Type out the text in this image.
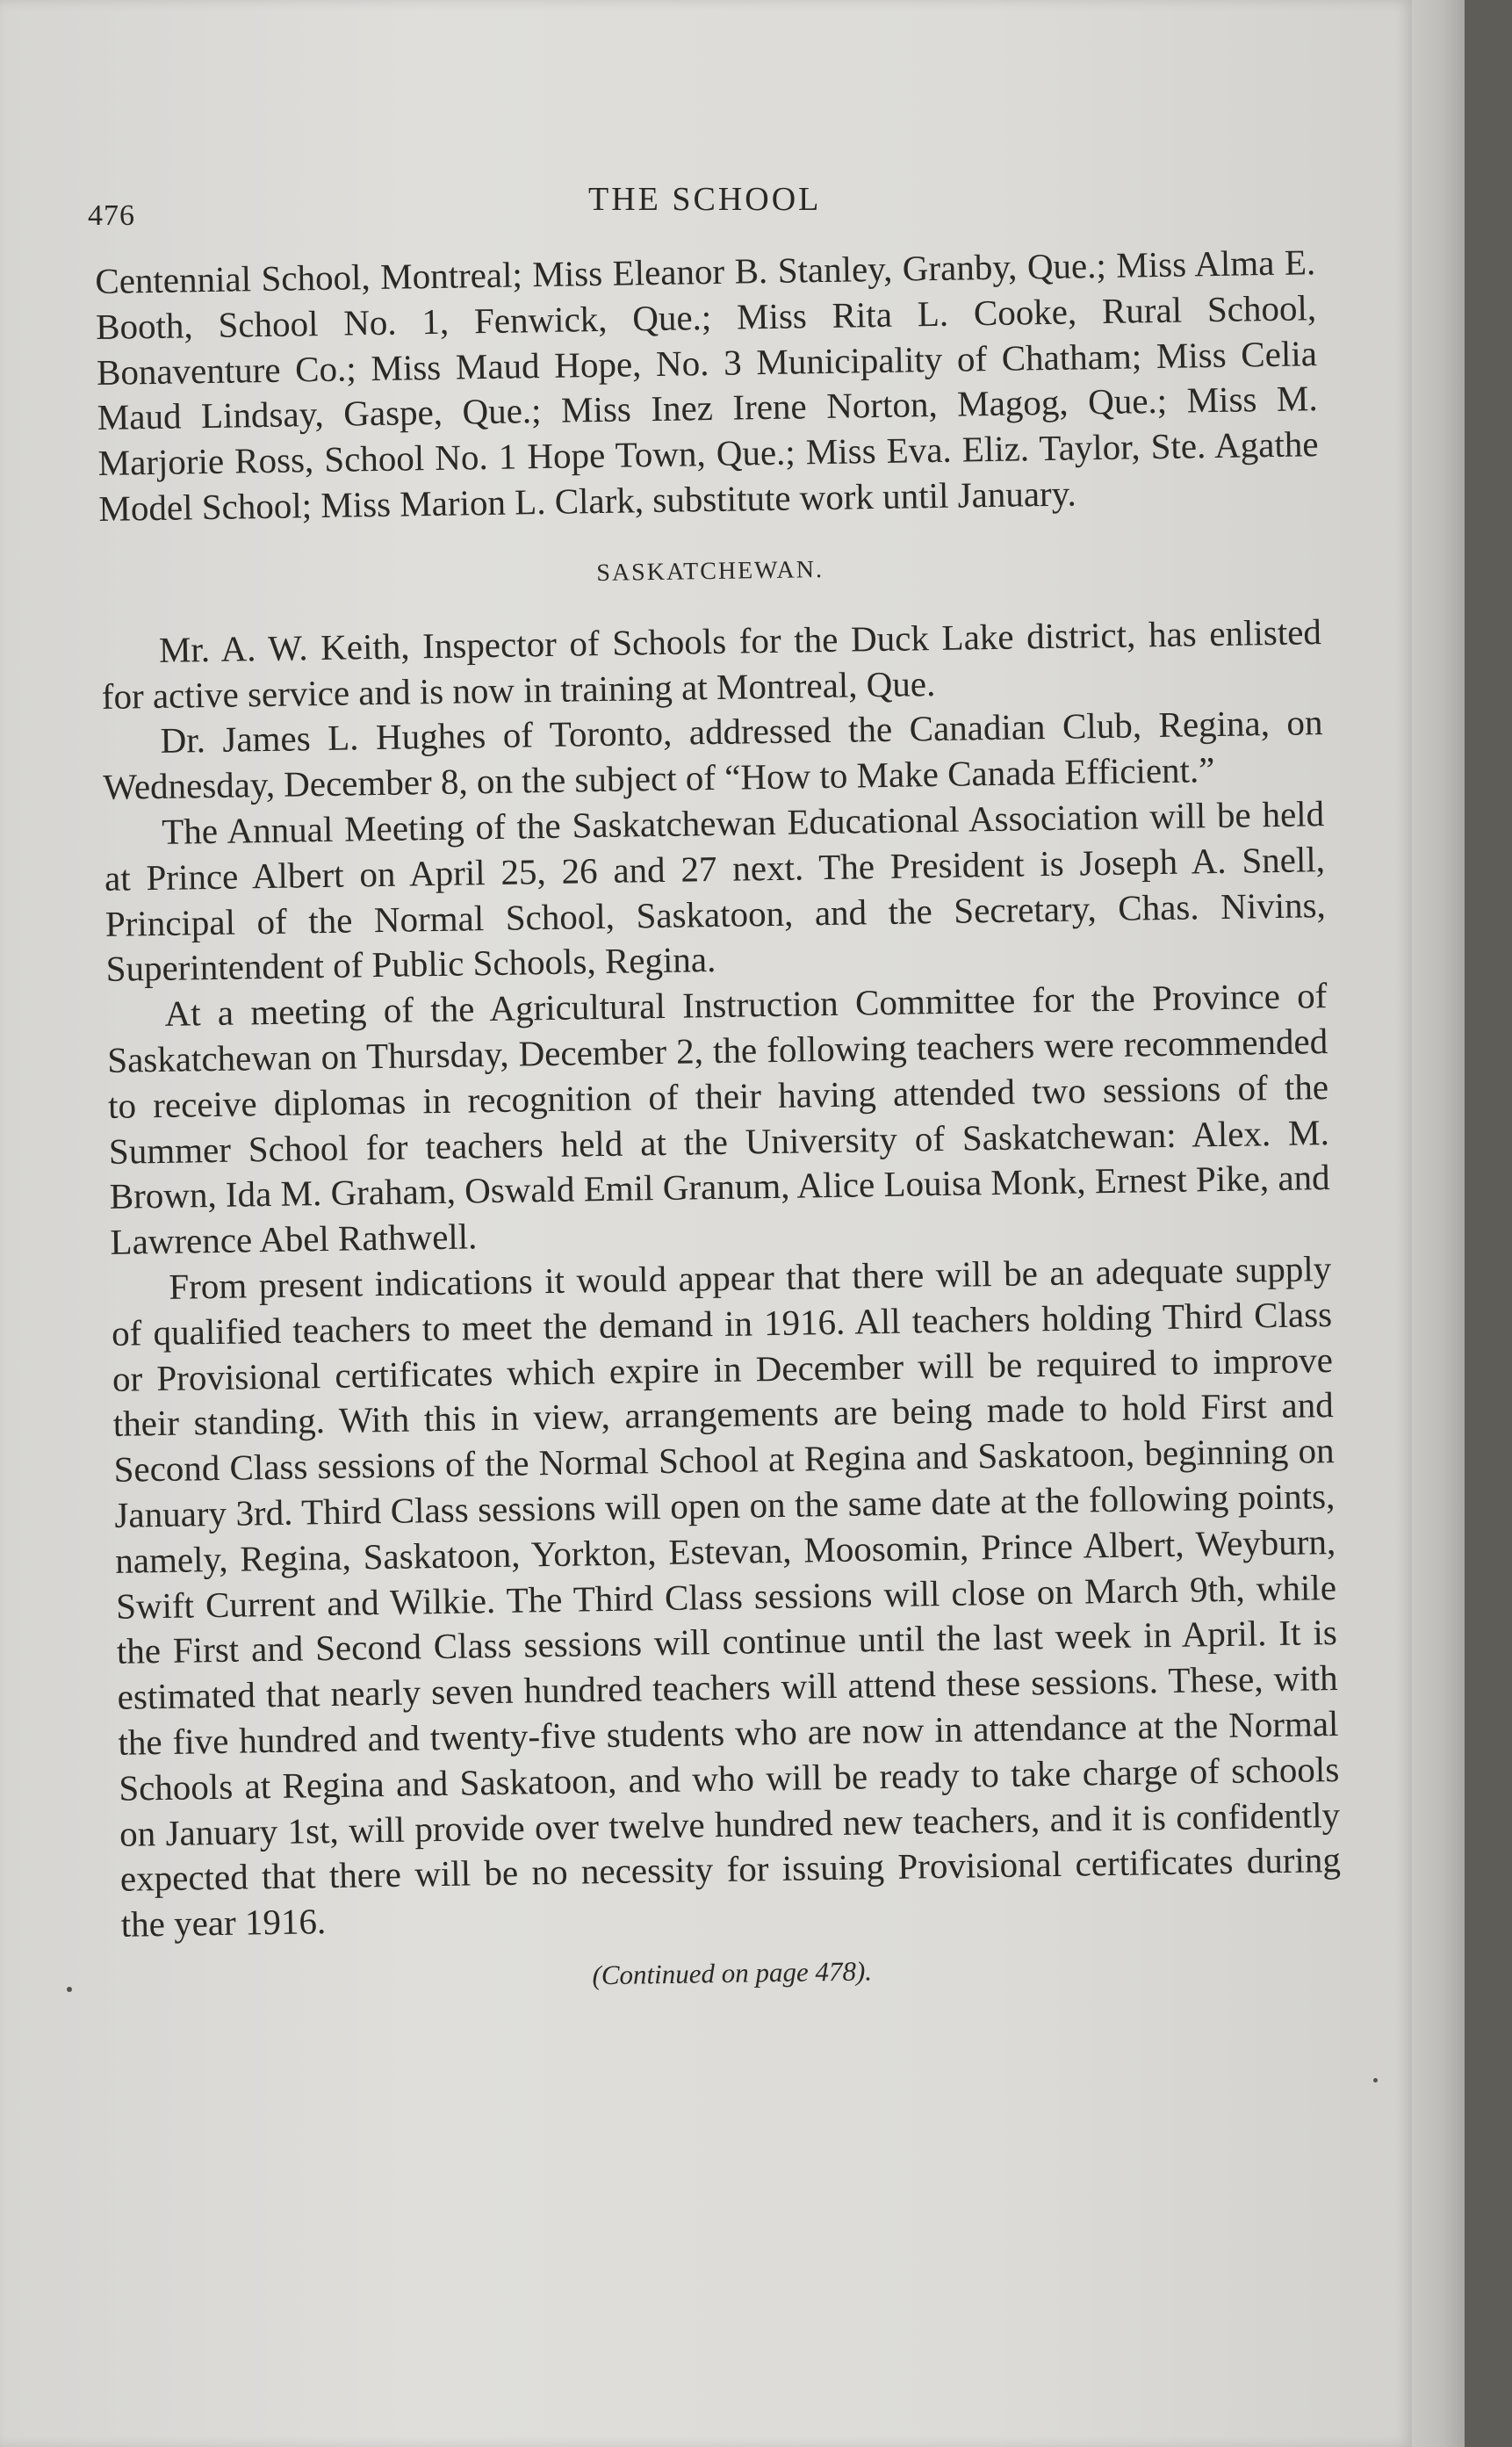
476	THE SCHOOL

Centennial School, Montreal; Miss Eleanor B. Stanley, Granby, Que.; Miss Alma E. Booth, School No. 1, Fenwick, Que.; Miss Rita L. Cooke, Rural School, Bonaventure Co.; Miss Maud Hope, No. 3 Municipality of Chatham; Miss Celia Maud Lindsay, Gaspe, Que.; Miss Inez Irene Norton, Magog, Que.; Miss M. Marjorie Ross, School No. 1 Hope Town, Que.; Miss Eva. Eliz. Taylor, Ste. Agathe Model School; Miss Marion L. Clark, substitute work until January.

SASKATCHEWAN.

Mr. A. W. Keith, Inspector of Schools for the Duck Lake district, has enlisted for active service and is now in training at Montreal, Que.

Dr. James L. Hughes of Toronto, addressed the Canadian Club, Regina, on Wednesday, December 8, on the subject of “How to Make Canada Efficient.”

The Annual Meeting of the Saskatchewan Educational Association will be held at Prince Albert on April 25, 26 and 27 next. The President is Joseph A. Snell, Principal of the Normal School, Saskatoon, and the Secretary, Chas. Nivins, Superintendent of Public Schools, Regina.

At a meeting of the Agricultural Instruction Committee for the Province of Saskatchewan on Thursday, December 2, the following teachers were recommended to receive diplomas in recognition of their having attended two sessions of the Summer School for teachers held at the University of Saskatchewan: Alex. M. Brown, Ida M. Graham, Oswald Emil Granum, Alice Louisa Monk, Ernest Pike, and Lawrence Abel Rathwell.

From present indications it would appear that there will be an adequate supply of qualified teachers to meet the demand in 1916. All teachers holding Third Class or Provisional certificates which expire in December will be required to improve their standing. With this in view, arrangements are being made to hold First and Second Class sessions of the Normal School at Regina and Saskatoon, beginning on January 3rd. Third Class sessions will open on the same date at the following points, namely, Regina, Saskatoon, Yorkton, Estevan, Moosomin, Prince Albert, Weyburn, Swift Current and Wilkie. The Third Class sessions will close on March 9th, while the First and Second Class sessions will continue until the last week in April. It is estimated that nearly seven hundred teachers will attend these sessions. These, with the five hundred and twenty-five students who are now in attendance at the Normal Schools at Regina and Saskatoon, and who will be ready to take charge of schools on January 1st, will provide over twelve hundred new teachers, and it is confidently expected that there will be no necessity for issuing Provisional certificates during the year 1916.

(Continued on page 478).
